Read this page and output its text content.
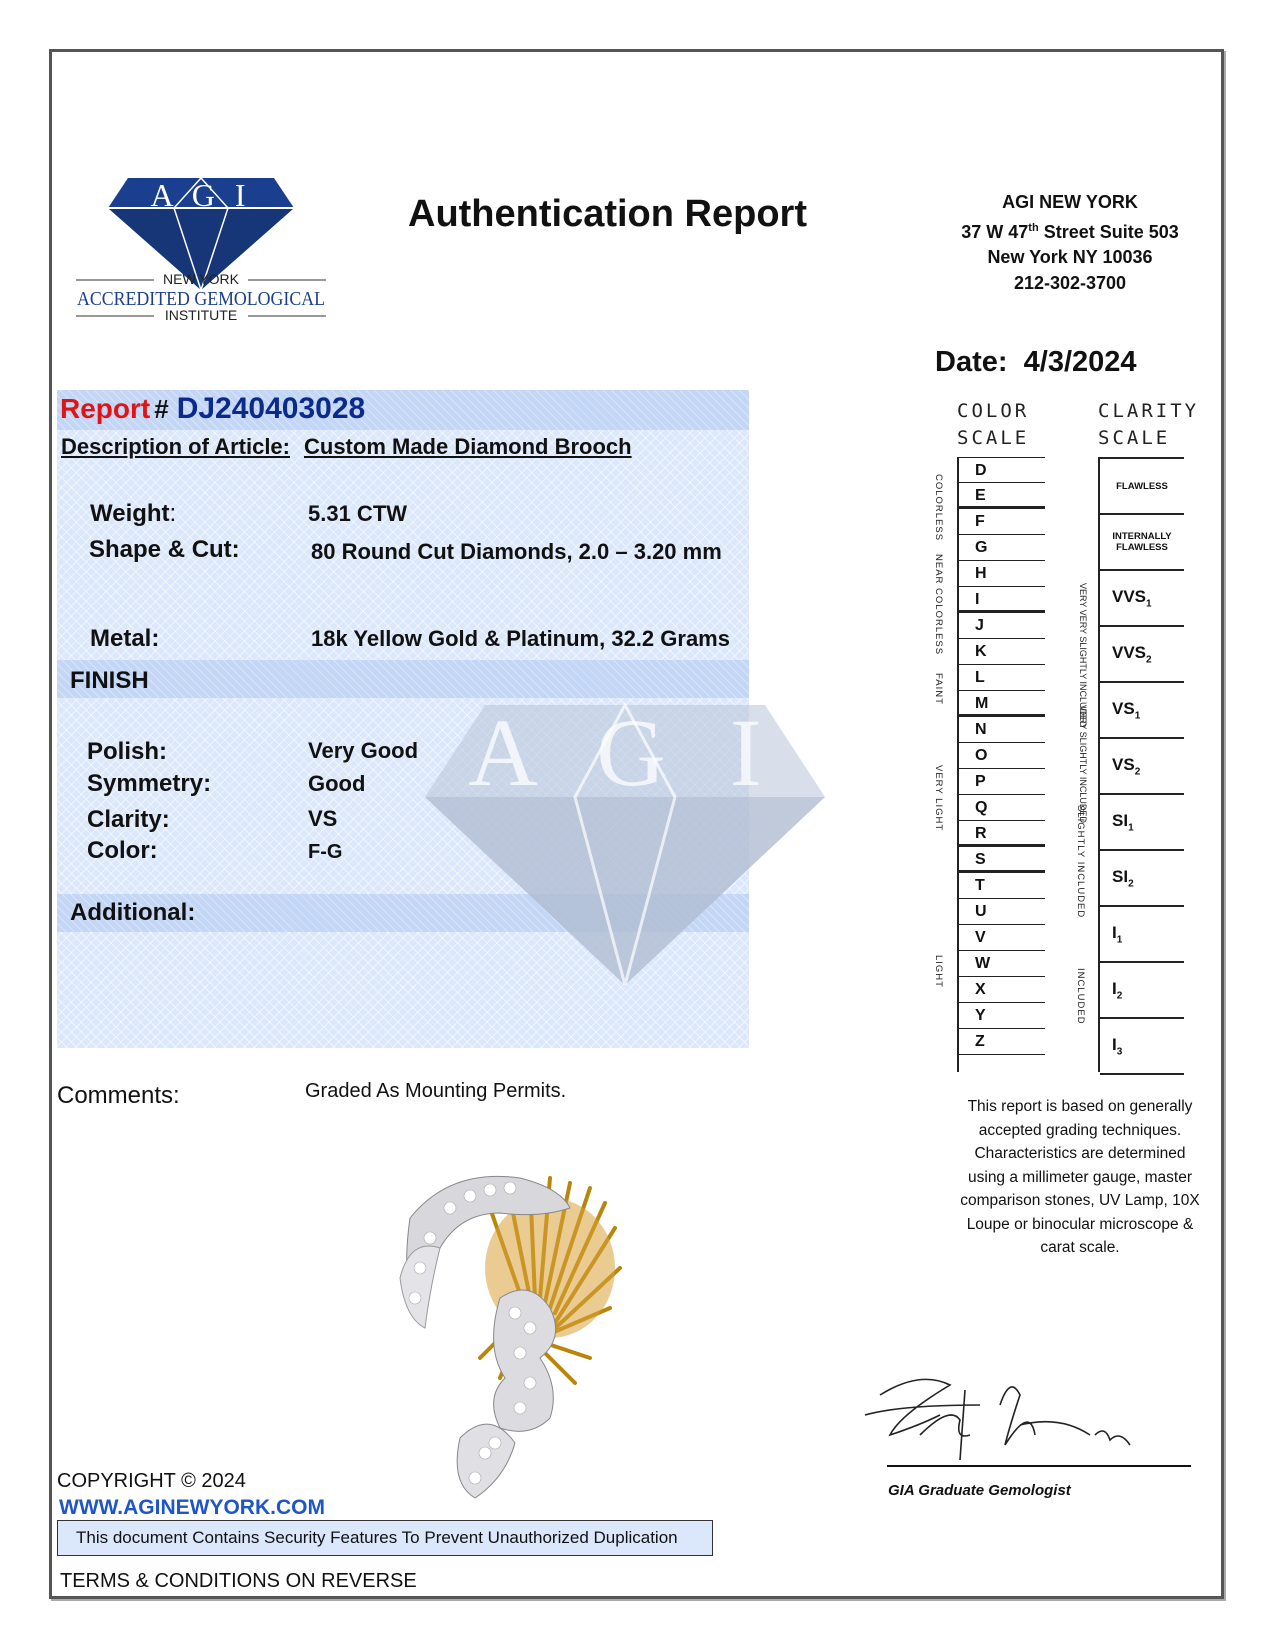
A G I
NEW YORK
ACCREDITED GEMOLOGICAL
INSTITUTE
Authentication Report	AGI NEW YORK
37 W 47th Street Suite 503
New York NY 10036
212-302-3700
Date: 4/3/2024
A G I
Report # DJ240403028
Description of Article: Custom Made Diamond Brooch
Weight:	5.31 CTW
Shape & Cut:	80 Round Cut Diamonds, 2.0 – 3.20 mm
Metal:	18k Yellow Gold & Platinum, 32.2 Grams
FINISH
Polish:	Very Good
Symmetry:	Good
Clarity:	VS
Color:	F-G
Additional:
Comments:	Graded As Mounting Permits.
COLOR
SCALE
D
E
F
G
H
I
J
K
L
M
N
O
P
Q
R
S
T
U
V
W
X
Y
Z
COLORLESS
NEAR COLORLESS
FAINT
VERY LIGHT
LIGHT
CLARITY
SCALE
FLAWLESS
INTERNALLY FLAWLESS
$VVS_1$
$VVS_2$
$VS_1$
$VS_2$
$SI_1$
$SI_2$
$I_1$
$I_2$
$I_3$
VERY VERY SLIGHTLY INCLUDED
VERY SLIGHTLY INCLUDED
SLIGHTLY INCLUDED
INCLUDED
This report is based on generally accepted grading techniques. Characteristics are determined using a millimeter gauge, master comparison stones, UV Lamp, 10X Loupe or binocular microscope & carat scale.
GIA Graduate Gemologist
COPYRIGHT © 2024
WWW.AGINEWYORK.COM
This document Contains Security Features To Prevent Unauthorized Duplication
TERMS & CONDITIONS ON REVERSE
